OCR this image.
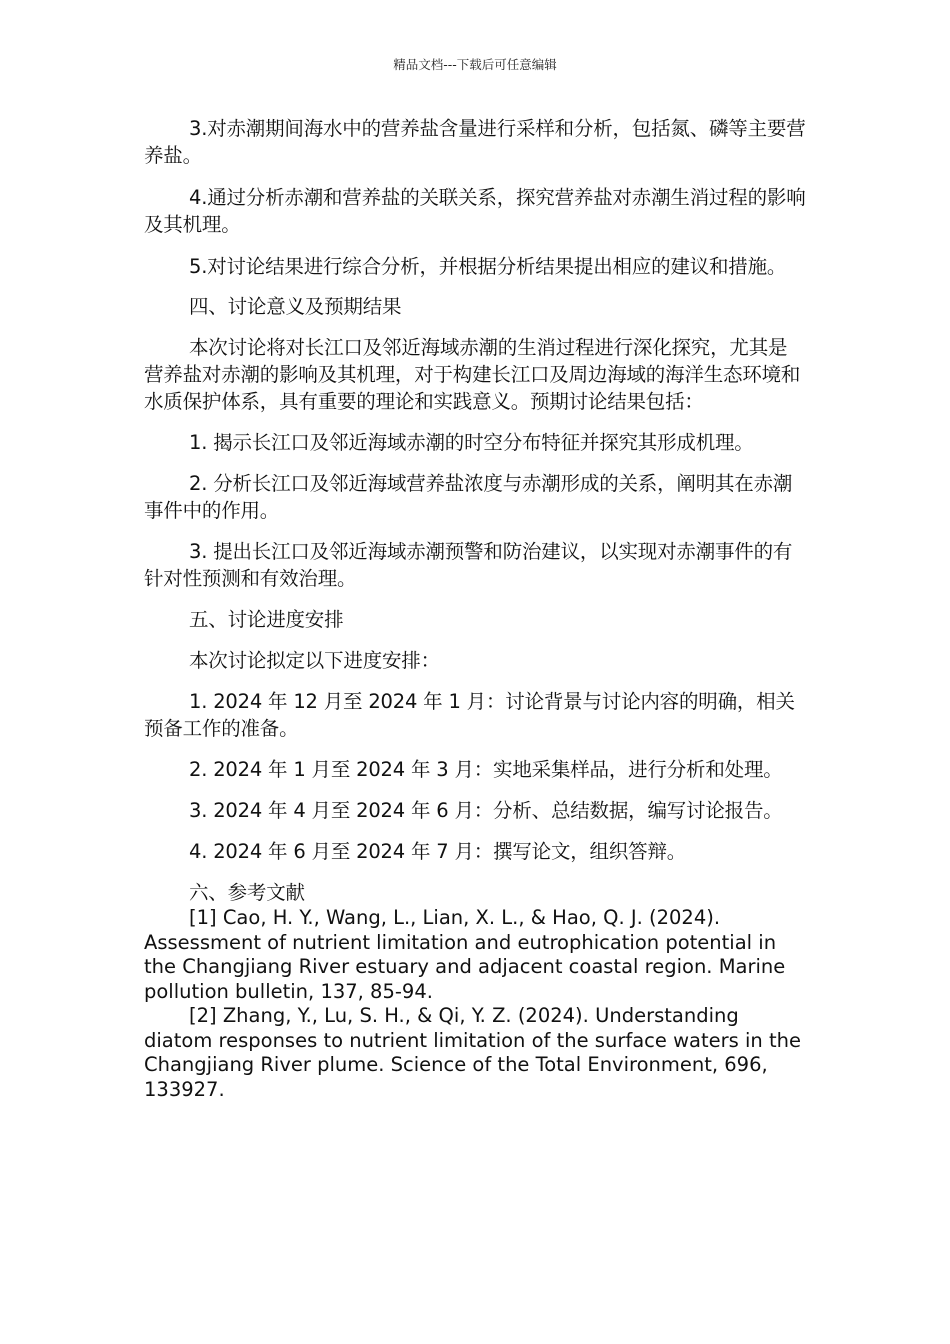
精品文档---下载后可任意编辑

3.对赤潮期间海水中的营养盐含量进行采样和分析，包括氮、磷等主要营养盐。

4.通过分析赤潮和营养盐的关联关系，探究营养盐对赤潮生消过程的影响及其机理。

5.对讨论结果进行综合分析，并根据分析结果提出相应的建议和措施。

四、讨论意义及预期结果

本次讨论将对长江口及邻近海域赤潮的生消过程进行深化探究，尤其是营养盐对赤潮的影响及其机理，对于构建长江口及周边海域的海洋生态环境和水质保护体系，具有重要的理论和实践意义。预期讨论结果包括：

1. 揭示长江口及邻近海域赤潮的时空分布特征并探究其形成机理。

2. 分析长江口及邻近海域营养盐浓度与赤潮形成的关系，阐明其在赤潮事件中的作用。

3. 提出长江口及邻近海域赤潮预警和防治建议，以实现对赤潮事件的有针对性预测和有效治理。

五、讨论进度安排

本次讨论拟定以下进度安排：

1. 2024 年 12 月至 2024 年 1 月：讨论背景与讨论内容的明确，相关预备工作的准备。

2. 2024 年 1 月至 2024 年 3 月：实地采集样品，进行分析和处理。

3. 2024 年 4 月至 2024 年 6 月：分析、总结数据，编写讨论报告。

4. 2024 年 6 月至 2024 年 7 月：撰写论文，组织答辩。

六、参考文献

[1] Cao, H. Y., Wang, L., Lian, X. L., & Hao, Q. J. (2024). Assessment of nutrient limitation and eutrophication potential in the Changjiang River estuary and adjacent coastal region. Marine pollution bulletin, 137, 85-94.

[2] Zhang, Y., Lu, S. H., & Qi, Y. Z. (2024). Understanding diatom responses to nutrient limitation of the surface waters in the Changjiang River plume. Science of the Total Environment, 696, 133927.
